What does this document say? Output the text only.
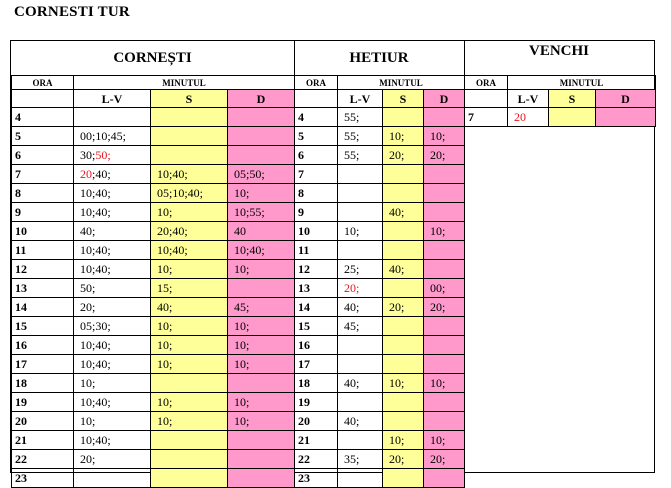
CORNESTI TUR
CORNEȘTI
ORA	MINUTUL		
	L-V	S	D
4			
5	00;10;45;		
6	30;50;		
7	20;40;	10;40;	05;50;
8	10;40;	05;10;40;	10;
9	10;40;	10;	10;55;
10	40;	20;40;	40
11	10;40;	10;40;	10;40;
12	10;40;	10;	10;
13	50;	15;	
14	20;	40;	45;
15	05;30;	10;	10;
16	10;40;	10;	10;
17	10;40;	10;	10;
18	10;		
19	10;40;	10;	10;
20	10;	10;	10;
21	10;40;		
22	20;		
23			
HETIUR
ORA	MINUTUL		
	L-V	S	D
4	55;		
5	55;	10;	10;
6	55;	20;	20;
7			
8			
9		40;	
10	10;		10;
11			
12	25;	40;	
13	20;		00;
14	40;	20;	20;
15	45;		
16			
17			
18	40;	10;	10;
19			
20	40;		
21		10;	10;
22	35;	20;	20;
23			
VENCHI
ORA	MINUTUL		
	L-V	S	D
7	20		
